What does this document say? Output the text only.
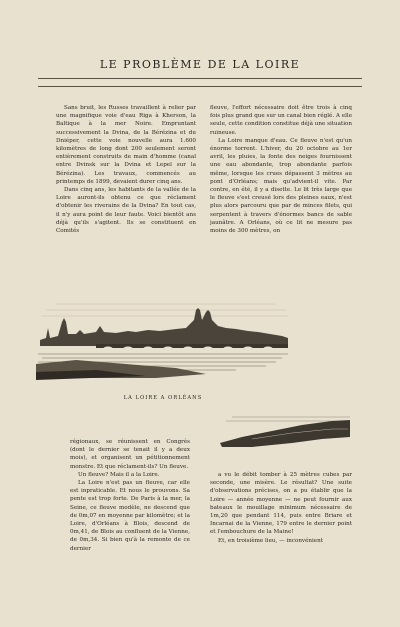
LE PROBLÈME DE LA LOIRE

Sans bruit, les Russes travaillent à relier par une magnifique voie d'eau Riga à Kherson, la Baltique à la mer Noire. Empruntant successivement la Dvina, de la Bérézina et du Dniéper, cette voie nouvelle aura 1.600 kilomètres de long dont 200 seulement seront entièrement construits de main d'homme (canal entre Dvinsk sur la Dvina et Lepel sur la Bérézina). Les travaux, commencés au printemps de 1899, devaient durer cinq ans.

Dans cinq ans, les habitants de la vallée de la Loire auront-ils obtenu ce que réclament d'obtenir les riverains de la Dvina? En tout cas, il n'y aura point de leur faute. Voici bientôt ans déjà qu'ils s'agitent. Ils se constituent en Comités

fleuve, l'effort nécessaire doit être trois à cinq fois plus grand que sur un canal bien réglé. A elle seule, cette condition constitue déjà une situation ruineuse.

La Loire manque d'eau. Ce fleuve n'est qu'un énorme torrent. L'hiver, du 20 octobre au 1er avril, les pluies, la fonte des neiges fournissent une eau abondante, trop abondante parfois même, lorsque les crues dépassent 3 mètres au pont d'Orléans; mais qu'advient-il vite. Par contre, en été, il y a disette. Le lit très large que le fleuve s'est creusé lors des pleines eaux, n'est plus alors parcouru que par de minces filets, qui serpentent à travers d'énormes bancs de sable jaunâtre. A Orléans, où ce lit ne mesure pas moins de 300 mètres, on

LA LOIRE A ORLÉANS

régionaux, se réunissent en Congrès (dont le dernier se tenait il y a deux mois), et organisent un pétitionnement monstre. Et que réclament-ils? Un fleuve.

Un fleuve? Mais il a la Loire.

La Loire n'est pas un fleuve, car elle est inpraticable. Et nous le prouvons. Sa pente est trop forte. De Paris à la mer, la Seine, ce fleuve modèle, ne descend que de 0m,07 en moyenne par kilomètre; et la Loire, d'Orléans à Blois, descend de 0m,41, de Blois au confluent de la Vienne, de 0m,34. Si bien qu'à la remonte de ce dernier

a vu le débit tomber à 25 mètres cubes par seconde, une misère. Le résultat? Une suite d'observations précises, on a pu établir que la Loire — année moyenne — ne peut fournir aux bateaux le mouillage minimum nécessaire de 1m,20 que pendant 114, puis entre Briare et Incarnai de la Vienne, 179 entre le dernier point et l'embouchure de la Maine!

Et, en troisième lieu, — inconvénient
